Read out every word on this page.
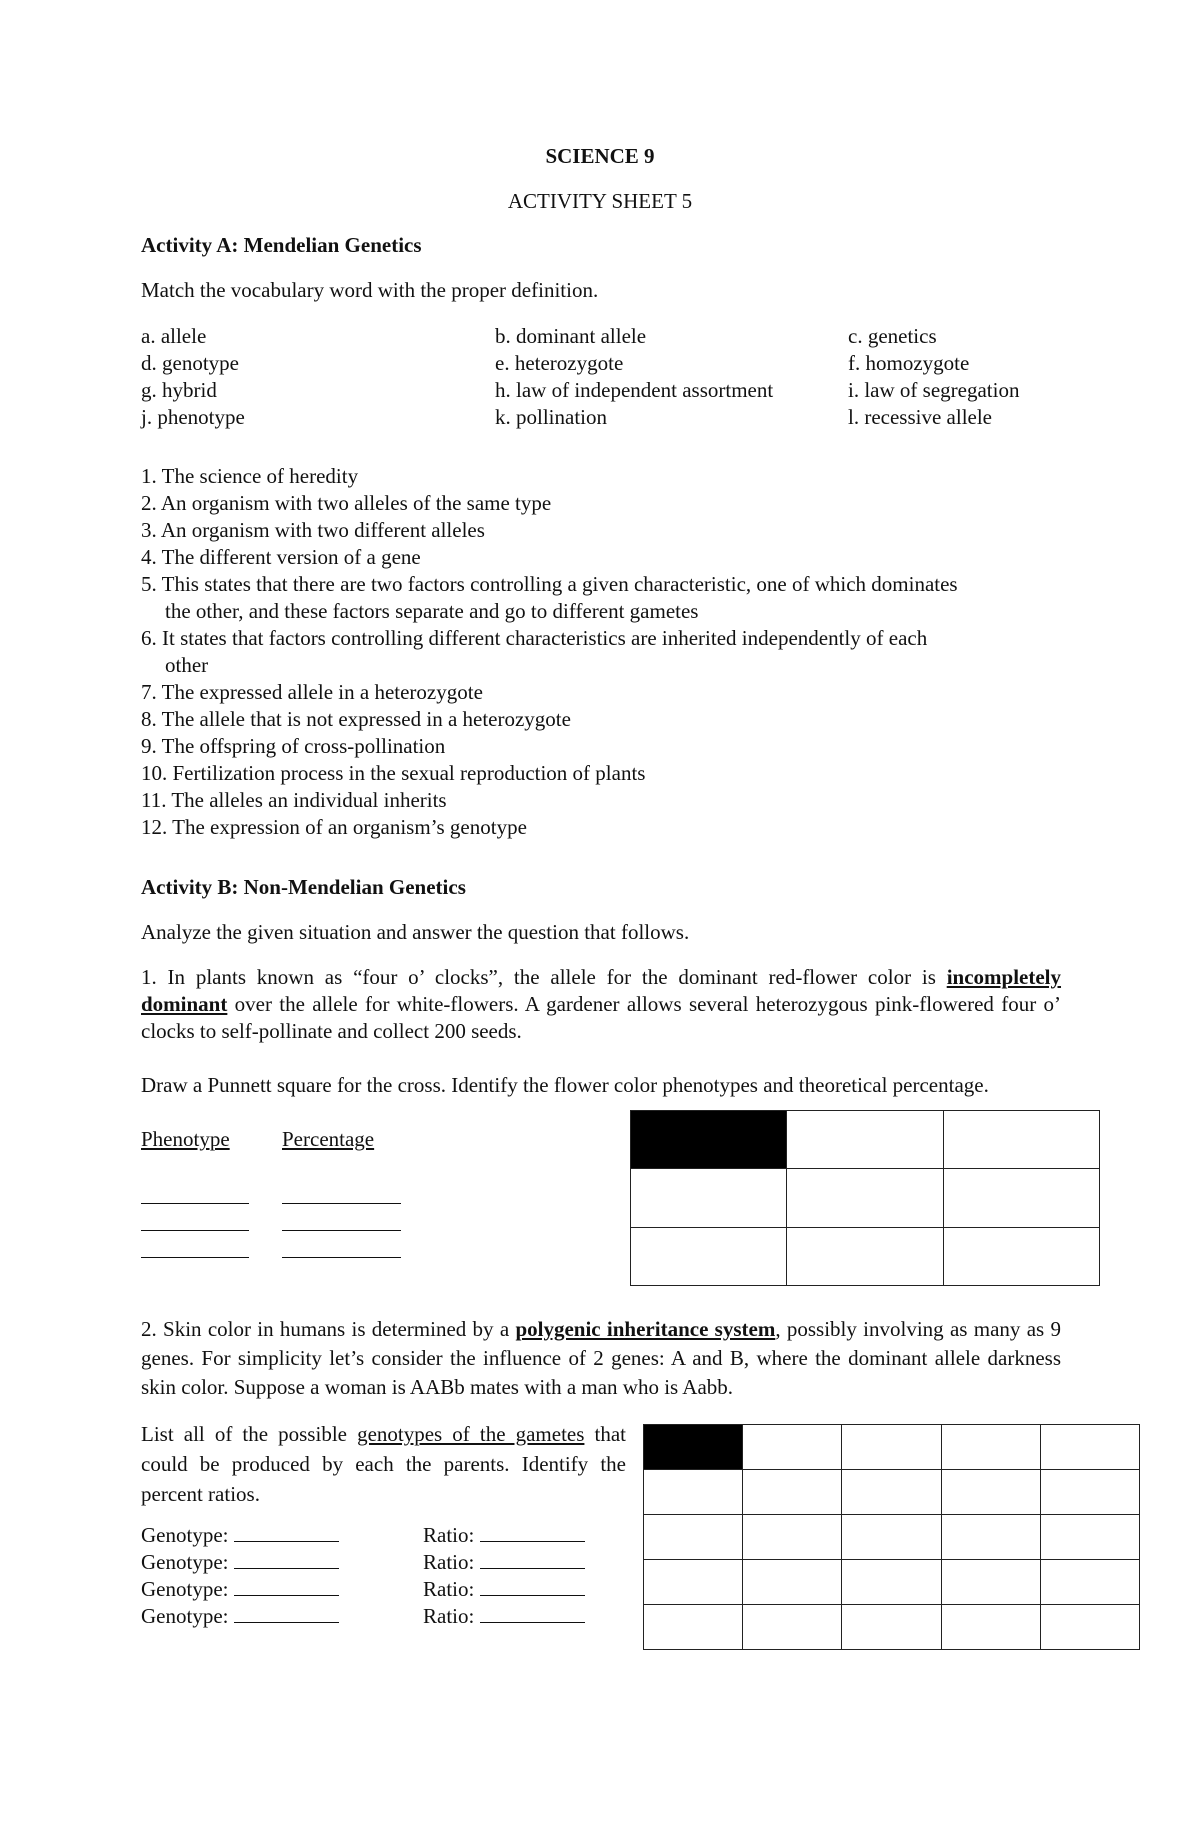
SCIENCE 9
ACTIVITY SHEET 5
Activity A: Mendelian Genetics
Match the vocabulary word with the proper definition.
a. allele	b. dominant allele	c. genetics
d. genotype	e. heterozygote	f. homozygote
g. hybrid	h. law of independent assortment	i. law of segregation
j. phenotype	k. pollination	l. recessive allele
1. The science of heredity
2. An organism with two alleles of the same type
3. An organism with two different alleles
4. The different version of a gene
5. This states that there are two factors controlling a given characteristic, one of which dominates
the other, and these factors separate and go to different gametes
6. It states that factors controlling different characteristics are inherited independently of each
other
7. The expressed allele in a heterozygote
8. The allele that is not expressed in a heterozygote
9. The offspring of cross-pollination
10. Fertilization process in the sexual reproduction of plants
11. The alleles an individual inherits
12. The expression of an organism’s genotype
Activity B: Non-Mendelian Genetics
Analyze the given situation and answer the question that follows.
1. In plants known as “four o’ clocks”, the allele for the dominant red-flower color is incompletely dominant over the allele for white-flowers. A gardener allows several heterozygous pink-flowered four o’ clocks to self-pollinate and collect 200 seeds.
Draw a Punnett square for the cross. Identify the flower color phenotypes and theoretical percentage.
Phenotype Percentage

2. Skin color in humans is determined by a polygenic inheritance system, possibly involving as many as 9 genes. For simplicity let’s consider the influence of 2 genes: A and B, where the dominant allele darkness skin color. Suppose a woman is AABb mates with a man who is Aabb.
List all of the possible genotypes of the gametes that could be produced by each the parents. Identify the percent ratios.
Genotype:	Ratio:
Genotype:	Ratio:
Genotype:	Ratio:
Genotype:	Ratio:
